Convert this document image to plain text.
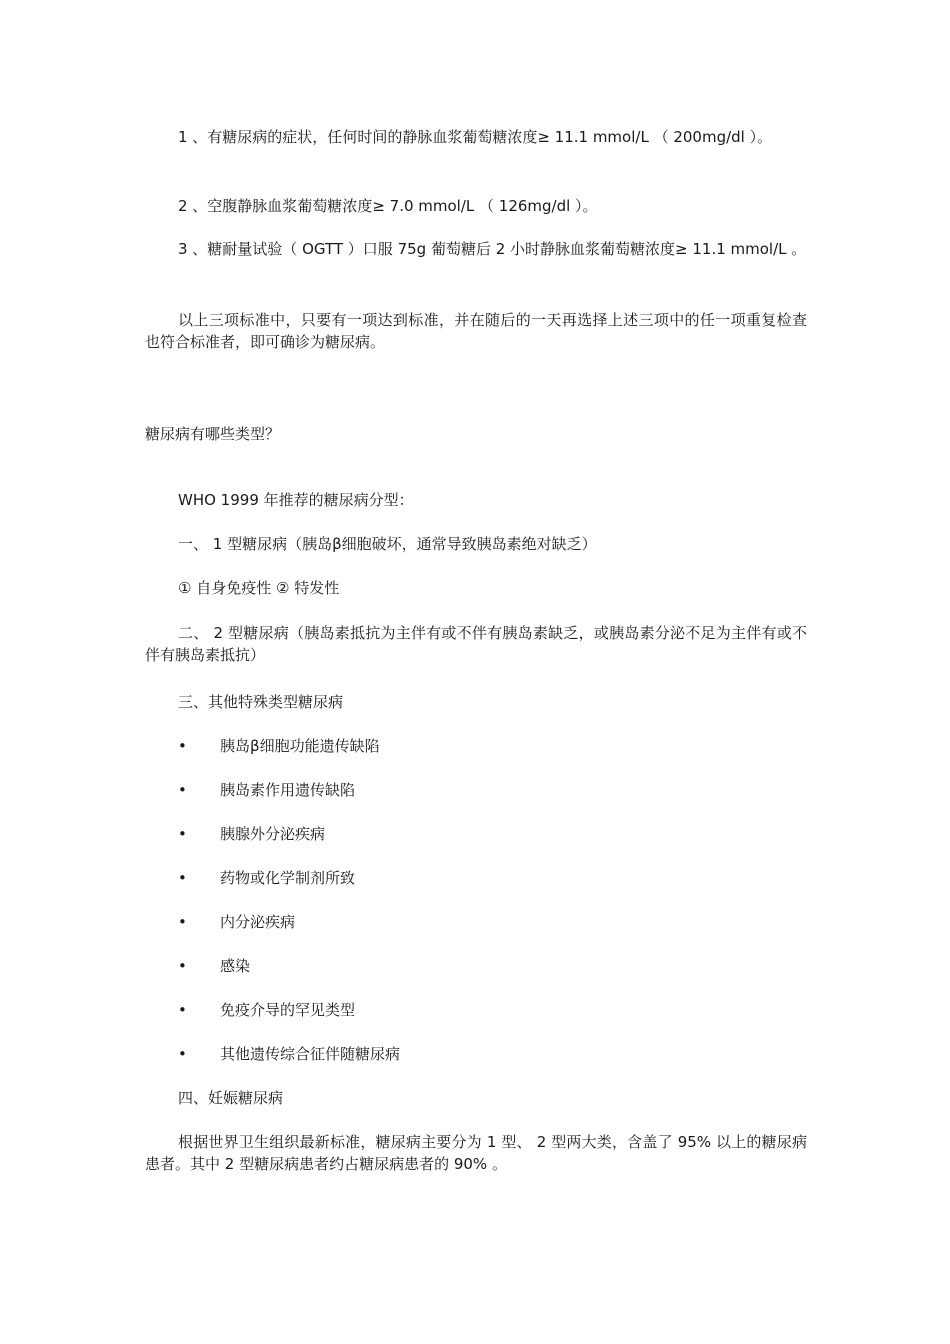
1 、有糖尿病的症状，任何时间的静脉血浆葡萄糖浓度≥ 11.1 mmol/L （ 200mg/dl ）。

2 、空腹静脉血浆葡萄糖浓度≥ 7.0 mmol/L （ 126mg/dl ）。

3 、糖耐量试验（ OGTT ）口服 75g 葡萄糖后 2 小时静脉血浆葡萄糖浓度≥ 11.1 mmol/L 。

以上三项标准中，只要有一项达到标准，并在随后的一天再选择上述三项中的任一项重复检查也符合标准者，即可确诊为糖尿病。

糖尿病有哪些类型？

WHO 1999 年推荐的糖尿病分型：

一、 1 型糖尿病（胰岛β细胞破坏，通常导致胰岛素绝对缺乏）

① 自身免疫性 ② 特发性

二、 2 型糖尿病（胰岛素抵抗为主伴有或不伴有胰岛素缺乏，或胰岛素分泌不足为主伴有或不伴有胰岛素抵抗）

三、其他特殊类型糖尿病

• 胰岛β细胞功能遗传缺陷
• 胰岛素作用遗传缺陷
• 胰腺外分泌疾病
• 药物或化学制剂所致
• 内分泌疾病
• 感染
• 免疫介导的罕见类型
• 其他遗传综合征伴随糖尿病

四、妊娠糖尿病

根据世界卫生组织最新标准，糖尿病主要分为 1 型、 2 型两大类，含盖了 95% 以上的糖尿病患者。其中 2 型糖尿病患者约占糖尿病患者的 90% 。
